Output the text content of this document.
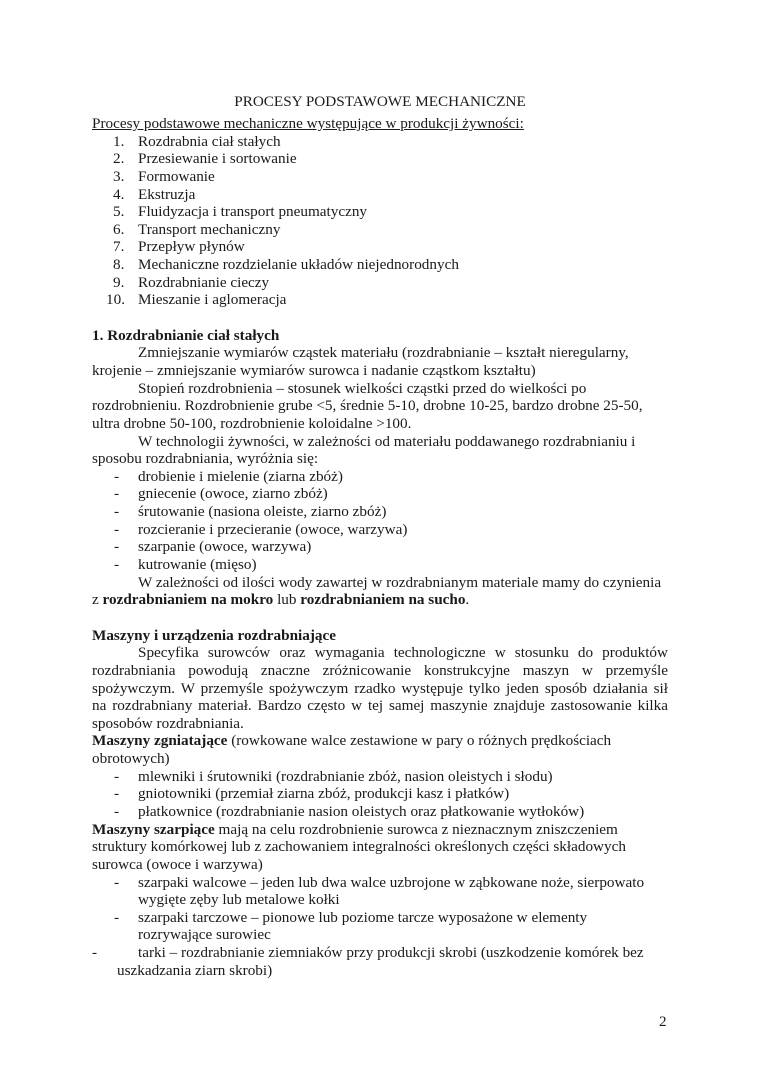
PROCESY PODSTAWOWE MECHANICZNE
Procesy podstawowe mechaniczne występujące w produkcji żywności:
1. Rozdrabnia ciał stałych
2. Przesiewanie i sortowanie
3. Formowanie
4. Ekstruzja
5. Fluidyzacja i transport pneumatyczny
6. Transport mechaniczny
7. Przepływ płynów
8. Mechaniczne rozdzielanie układów niejednorodnych
9. Rozdrabnianie cieczy
10. Mieszanie i aglomeracja
1. Rozdrabnianie ciał stałych
Zmniejszanie wymiarów cząstek materiału (rozdrabnianie – kształt nieregularny,
krojenie – zmniejszanie wymiarów surowca i nadanie cząstkom kształtu)
Stopień rozdrobnienia – stosunek wielkości cząstki przed do wielkości po
rozdrobnieniu. Rozdrobnienie grube <5, średnie 5-10, drobne 10-25, bardzo drobne 25-50,
ultra drobne 50-100, rozdrobnienie koloidalne >100.
W technologii żywności, w zależności od materiału poddawanego rozdrabnianiu i
sposobu rozdrabniania, wyróżnia się:
- drobienie i mielenie (ziarna zbóż)
- gniecenie (owoce, ziarno zbóż)
- śrutowanie (nasiona oleiste, ziarno zbóż)
- rozcieranie i przecieranie (owoce, warzywa)
- szarpanie (owoce, warzywa)
- kutrowanie (mięso)
W zależności od ilości wody zawartej w rozdrabnianym materiale mamy do czynienia
z rozdrabnianiem na mokro lub rozdrabnianiem na sucho.
Maszyny i urządzenia rozdrabniające
Specyfika surowców oraz wymagania technologiczne w stosunku do produktów
rozdrabniania powodują znaczne zróżnicowanie konstrukcyjne maszyn w przemyśle
spożywczym. W przemyśle spożywczym rzadko występuje tylko jeden sposób działania sił
na rozdrabniany materiał. Bardzo często w tej samej maszynie znajduje zastosowanie kilka
sposobów rozdrabniania.
Maszyny zgniatające (rowkowane walce zestawione w pary o różnych prędkościach
obrotowych)
- mlewniki i śrutowniki (rozdrabnianie zbóż, nasion oleistych i słodu)
- gniotowniki (przemiał ziarna zbóż, produkcji kasz i płatków)
- płatkownice (rozdrabnianie nasion oleistych oraz płatkowanie wytłoków)
Maszyny szarpiące mają na celu rozdrobnienie surowca z nieznacznym zniszczeniem
struktury komórkowej lub z zachowaniem integralności określonych części składowych
surowca (owoce i warzywa)
- szarpaki walcowe – jeden lub dwa walce uzbrojone w ząbkowane noże, sierpowato
wygięte zęby lub metalowe kołki
- szarpaki tarczowe – pionowe lub poziome tarcze wyposażone w elementy
rozrywające surowiec
-	tarki – rozdrabnianie ziemniaków przy produkcji skrobi (uszkodzenie komórek bez
uszkadzania ziarn skrobi)
2
